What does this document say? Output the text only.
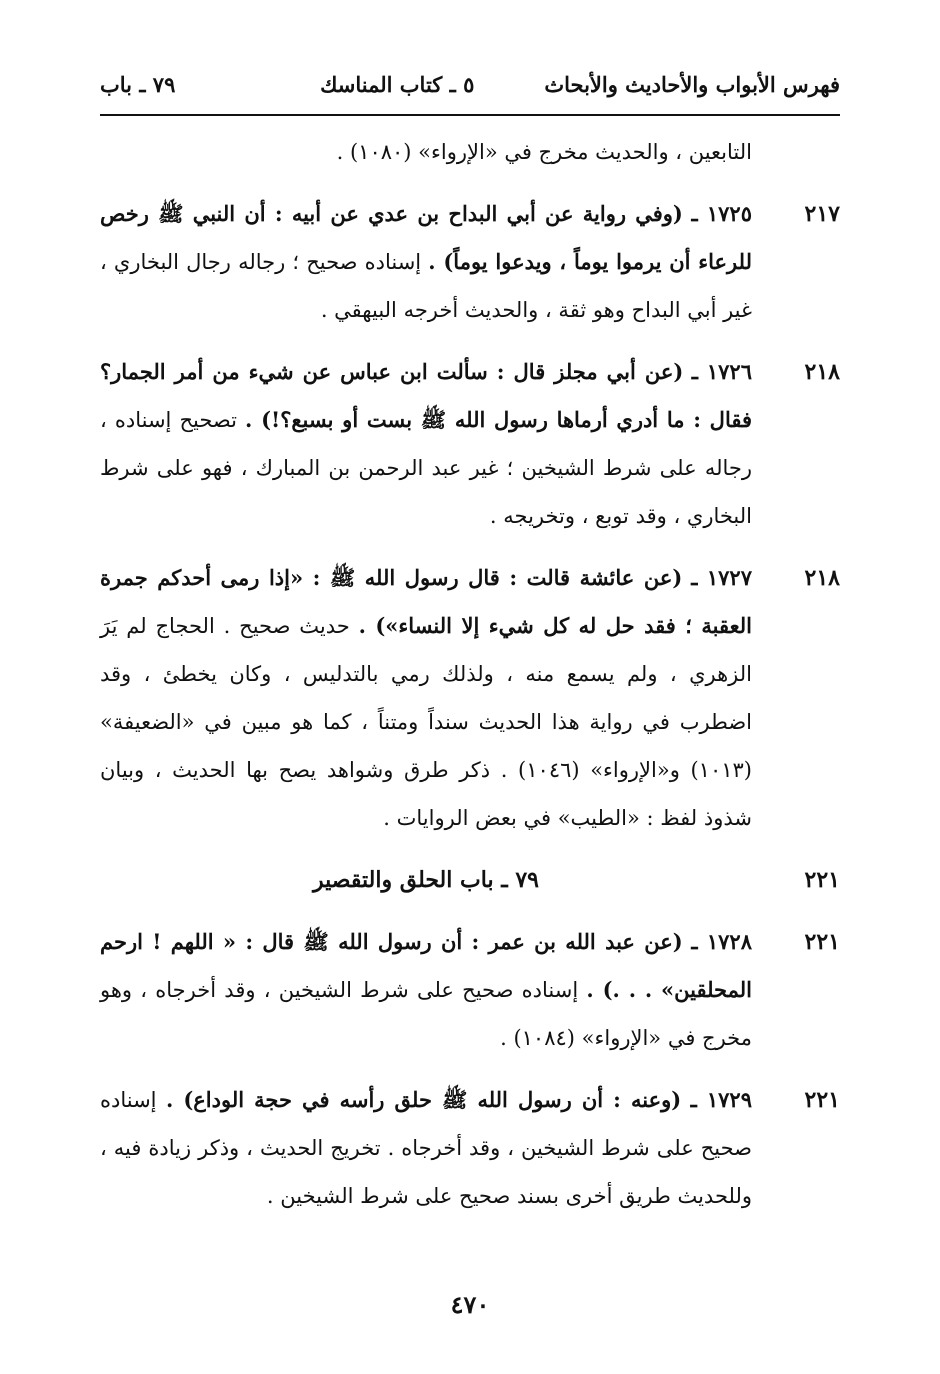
فهرس الأبواب والأحاديث والأبحاث
٥ ـ كتاب المناسك
٧٩ ـ باب
التابعين ، والحديث مخرج في «الإرواء» (١٠٨٠) .
٢١٧
١٧٢٥ ـ (وفي رواية عن أبي البداح بن عدي عن أبيه : أن النبي ﷺ رخص للرعاء أن يرموا يوماً ، ويدعوا يوماً) . إسناده صحيح ؛ رجاله رجال البخاري ، غير أبي البداح وهو ثقة ، والحديث أخرجه البيهقي .
٢١٨
١٧٢٦ ـ (عن أبي مجلز قال : سألت ابن عباس عن شيء من أمر الجمار؟ فقال : ما أدري أرماها رسول الله ﷺ بست أو بسبع؟!) . تصحيح إسناده ، رجاله على شرط الشيخين ؛ غير عبد الرحمن بن المبارك ، فهو على شرط البخاري ، وقد توبع ، وتخريجه .
٢١٨
١٧٢٧ ـ (عن عائشة قالت : قال رسول الله ﷺ : «إذا رمى أحدكم جمرة العقبة ؛ فقد حل له كل شيء إلا النساء») . حديث صحيح . الحجاج لم يَرَ الزهري ، ولم يسمع منه ، ولذلك رمي بالتدليس ، وكان يخطئ ، وقد اضطرب في رواية هذا الحديث سنداً ومتناً ، كما هو مبين في «الضعيفة» (١٠١٣) و«الإرواء» (١٠٤٦) . ذكر طرق وشواهد يصح بها الحديث ، وبيان شذوذ لفظ : «الطيب» في بعض الروايات .
٢٢١
٧٩ ـ باب الحلق والتقصير
٢٢١
١٧٢٨ ـ (عن عبد الله بن عمر : أن رسول الله ﷺ قال : « اللهم ! ارحم المحلقين» . . .) . إسناده صحيح على شرط الشيخين ، وقد أخرجاه ، وهو مخرج في «الإرواء» (١٠٨٤) .
٢٢١
١٧٢٩ ـ (وعنه : أن رسول الله ﷺ حلق رأسه في حجة الوداع) . إسناده صحيح على شرط الشيخين ، وقد أخرجاه . تخريج الحديث ، وذكر زيادة فيه ، وللحديث طريق أخرى بسند صحيح على شرط الشيخين .
٤٧٠
